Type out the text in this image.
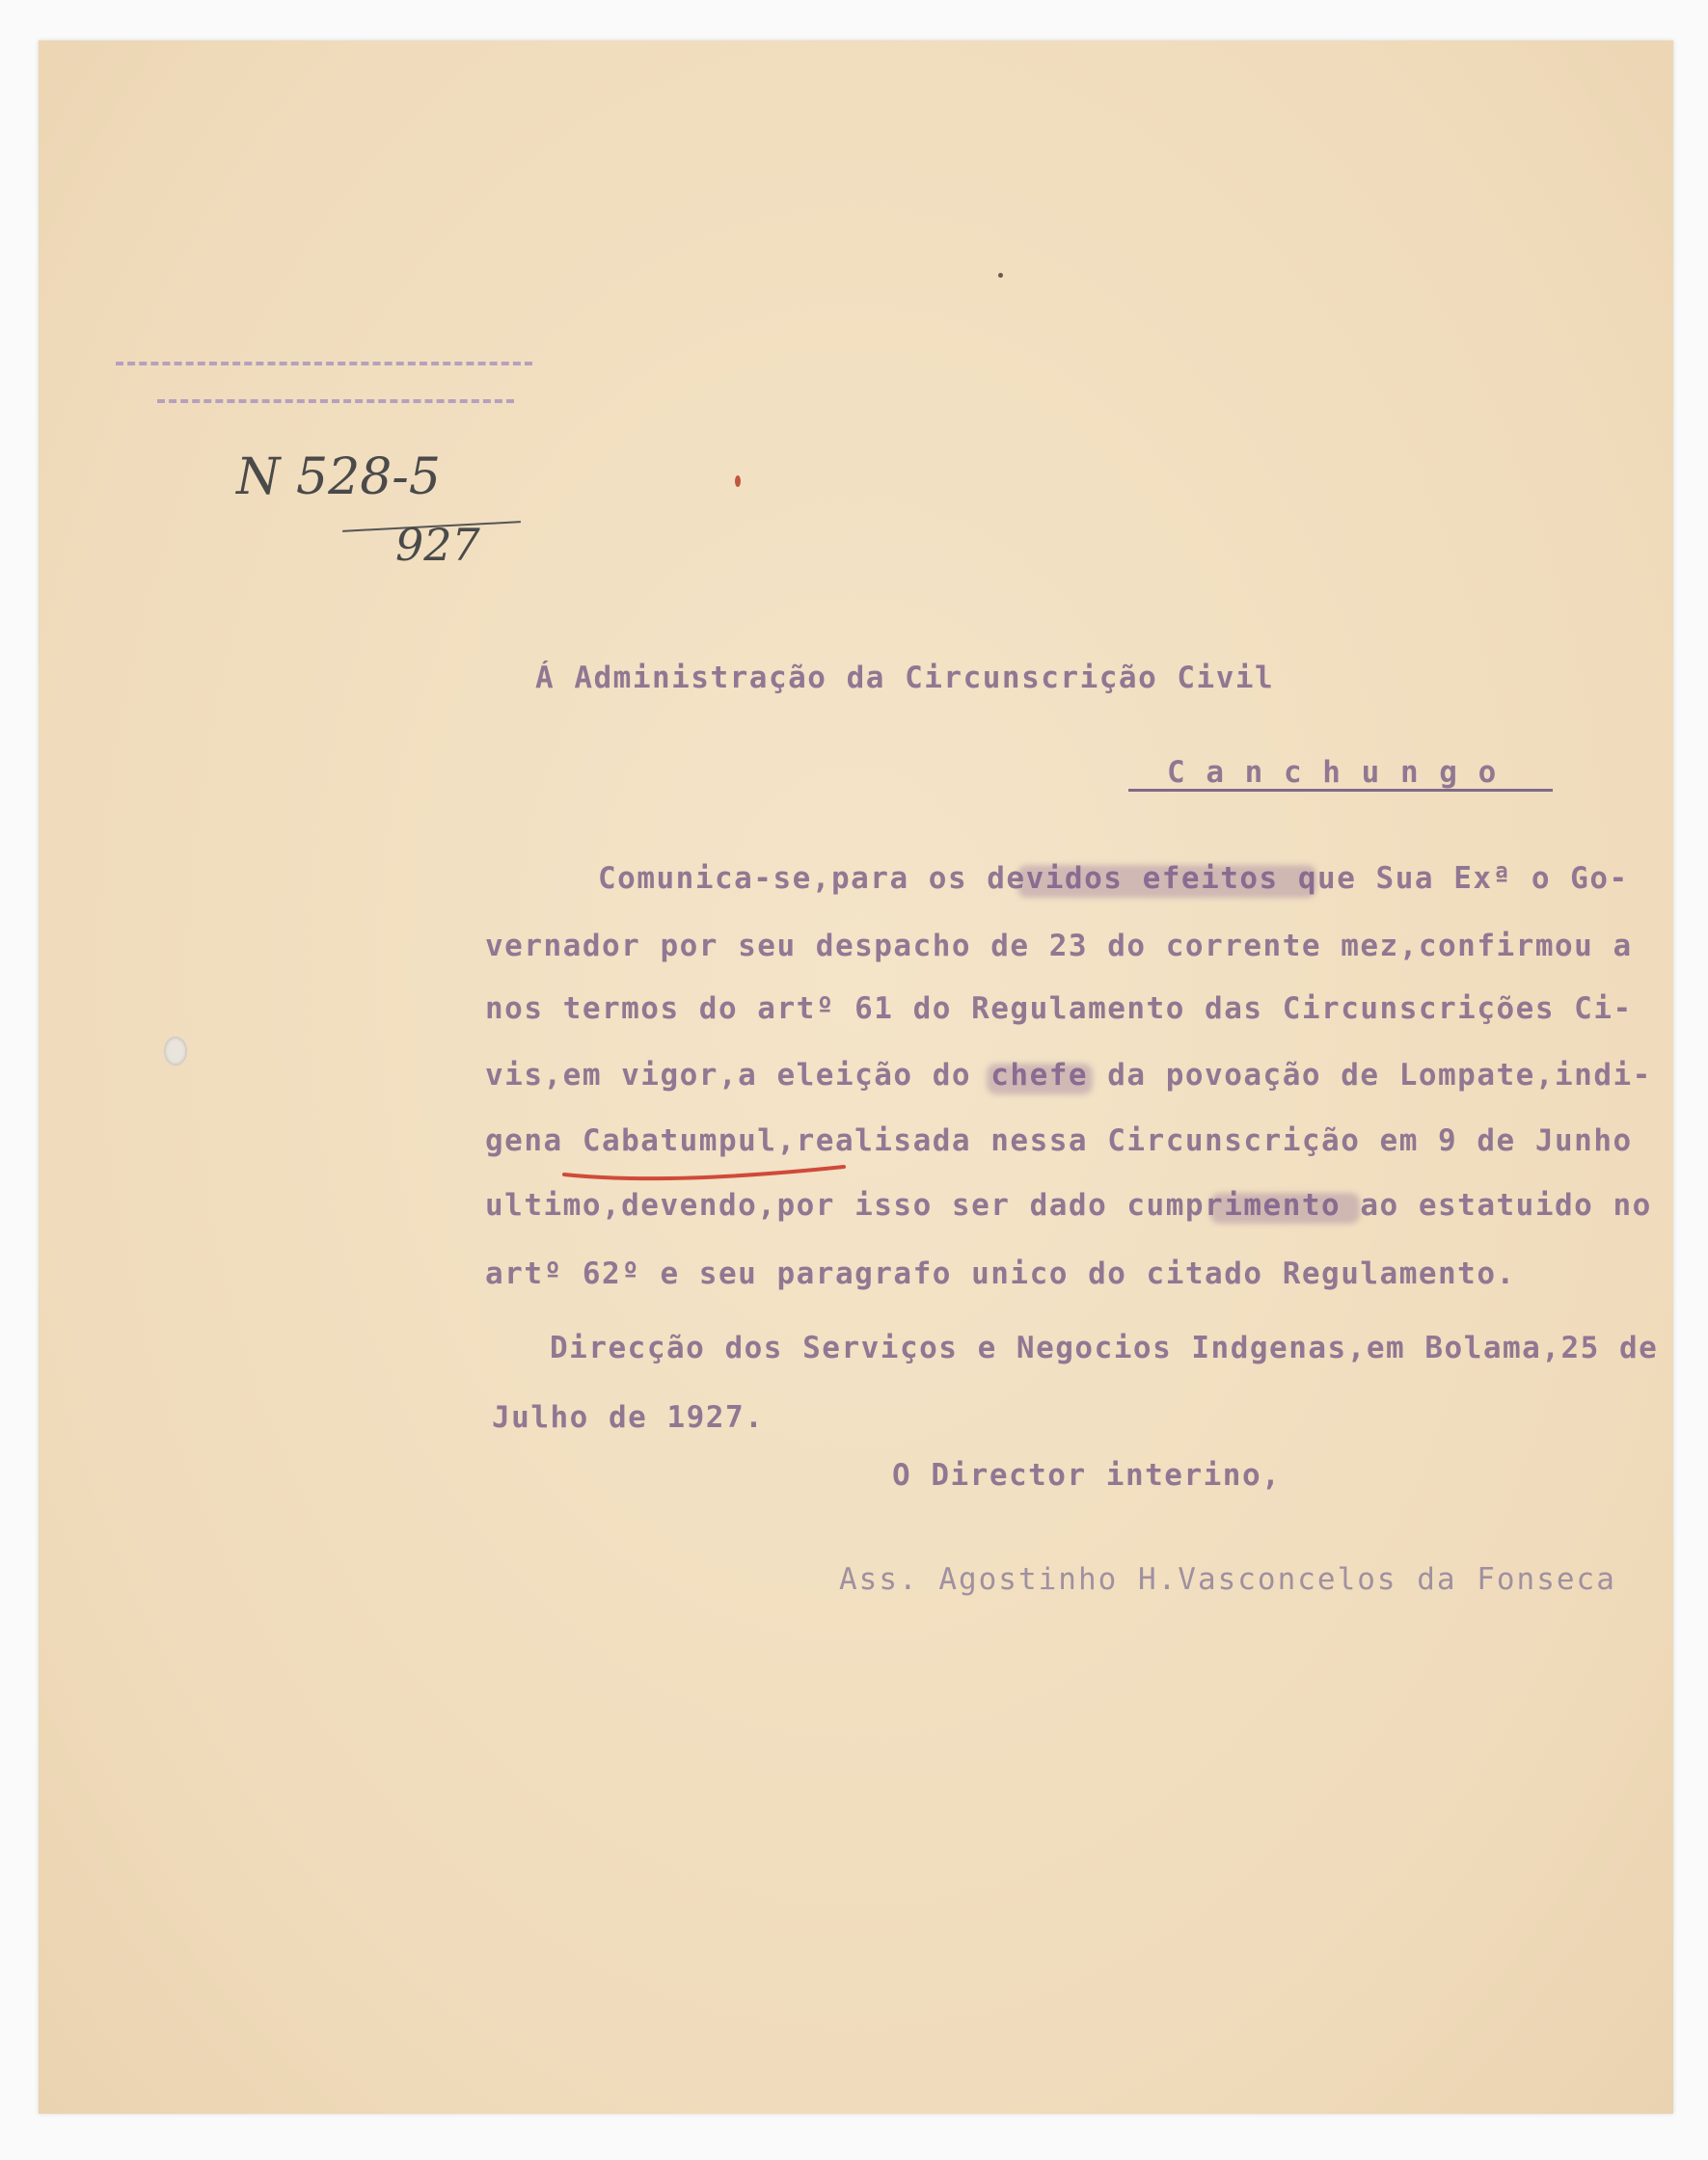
N 528-5
927
Á Administração da Circunscrição Civil
C a n c h u n g o
Comunica-se,para os devidos efeitos que Sua Exª o Go-
vernador por seu despacho de 23 do corrente mez,confirmou a
nos termos do artº 61 do Regulamento das Circunscrições Ci-
vis,em vigor,a eleição do chefe da povoação de Lompate,indi-
gena Cabatumpul,realisada nessa Circunscrição em 9 de Junho
ultimo,devendo,por isso ser dado cumprimento ao estatuido no
artº 62º e seu paragrafo unico do citado Regulamento.
Direcção dos Serviços e Negocios Indgenas,em Bolama,25 de
Julho de 1927.
O Director interino,
Ass. Agostinho H.Vasconcelos da Fonseca
